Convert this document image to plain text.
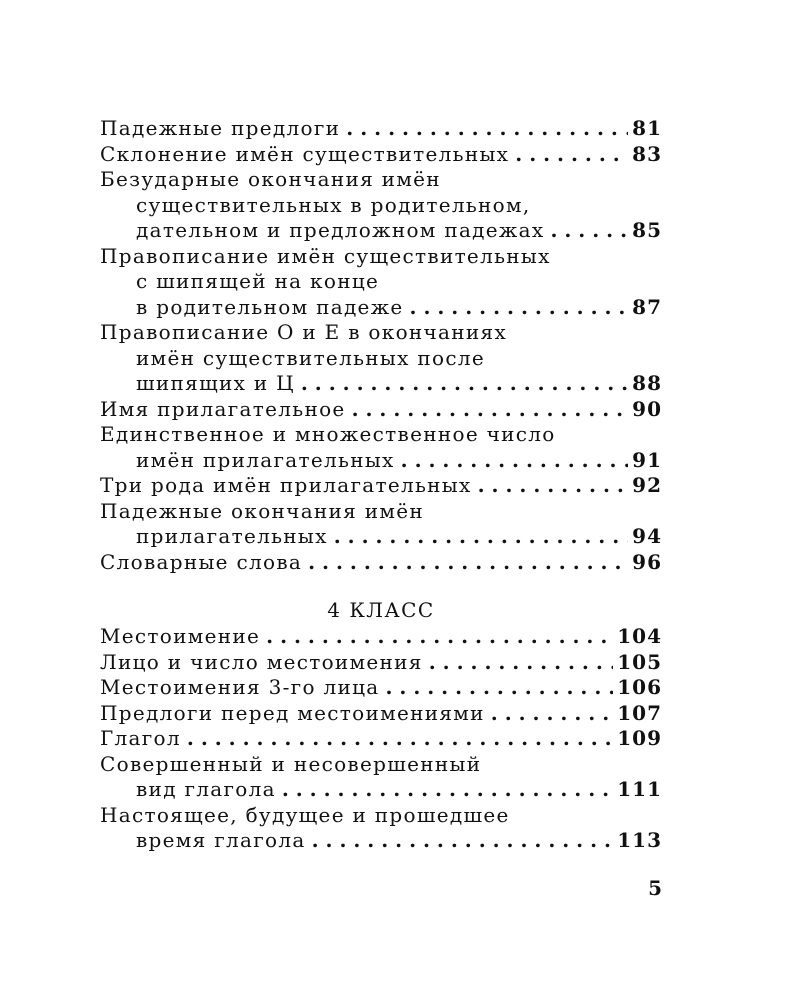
Падежные предлоги . . .	81
Склонение имён существительных . . .	83
Безударные окончания имён
существительных в родительном,
дательном и предложном падежах . . .	85
Правописание имён существительных
с шипящей на конце
в родительном падеже . . .	87
Правописание О и Е в окончаниях
имён существительных после
шипящих и Ц . . .	88
Имя прилагательное . . .	90
Единственное и множественное число
имён прилагательных . . .	91
Три рода имён прилагательных . . .	92
Падежные окончания имён
прилагательных . . .	94
Словарные слова . . .	96
4 КЛАСС
Местоимение . . .	104
Лицо и число местоимения . . .	105
Местоимения 3-го лица . . .	106
Предлоги перед местоимениями . . .	107
Глагол . . .	109
Совершенный и несовершенный
вид глагола . . .	111
Настоящее, будущее и прошедшее
время глагола . . .	113
5
